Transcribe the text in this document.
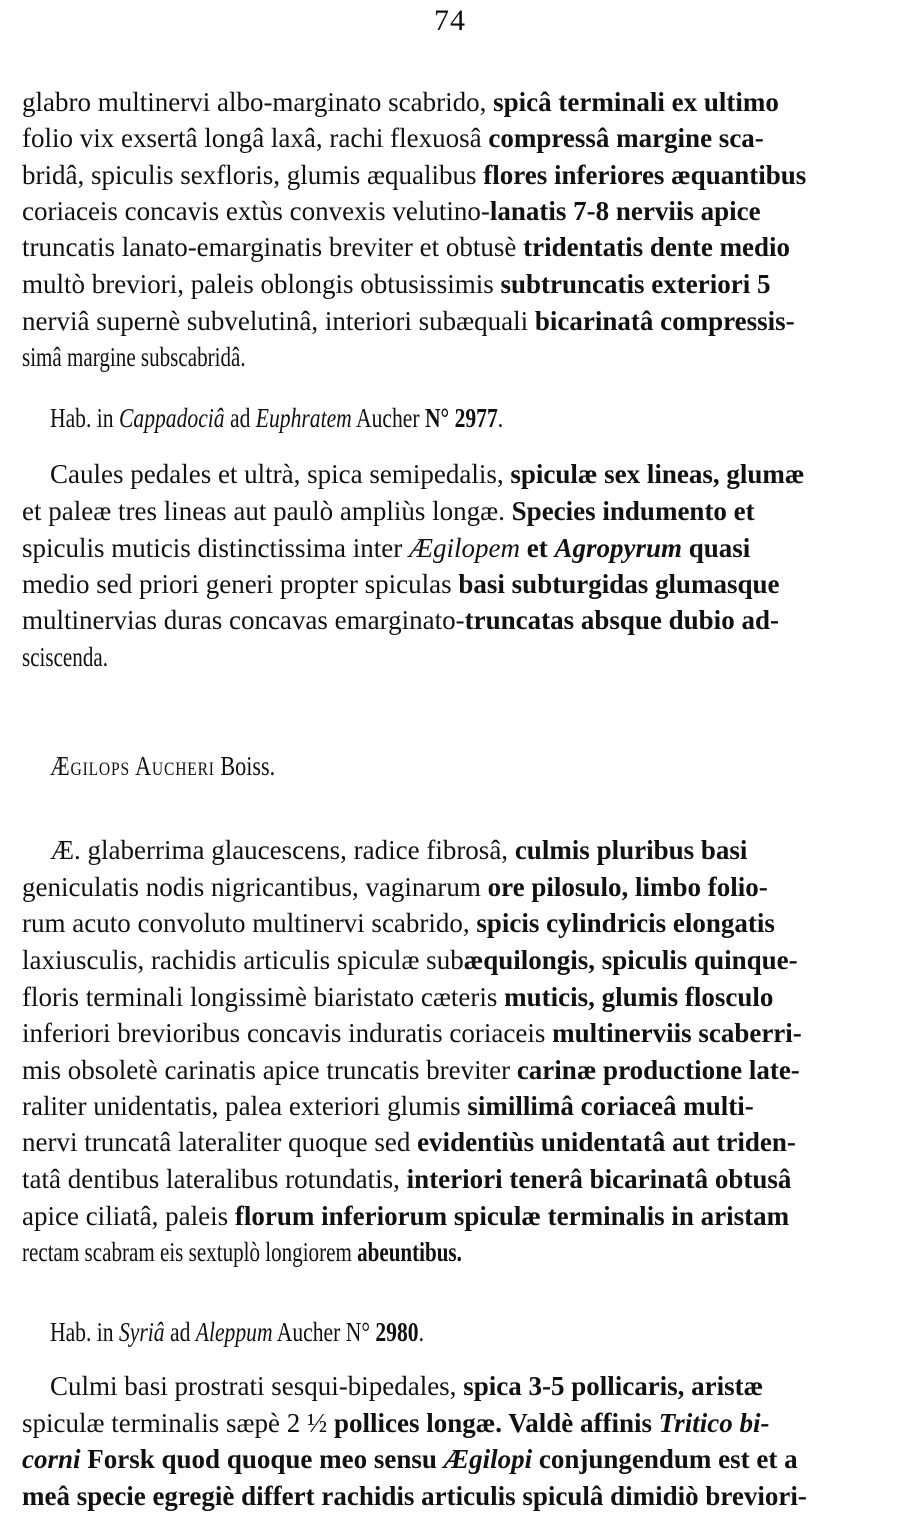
74
glabro multinervi albo-marginato scabrido, spicâ terminali ex ultimo
folio vix exsertâ longâ laxâ, rachi flexuosâ compressâ margine sca-
bridâ, spiculis sexfloris, glumis æqualibus flores inferiores æquantibus
coriaceis concavis extùs convexis velutino-lanatis 7-8 nerviis apice
truncatis lanato-emarginatis breviter et obtusè tridentatis dente medio
multò breviori, paleis oblongis obtusissimis subtruncatis exteriori 5
nerviâ supernè subvelutinâ, interiori subæquali bicarinatâ compressis-
simâ margine subscabridâ.
Hab. in Cappadociâ ad Euphratem Aucher N° 2977.
Caules pedales et ultrà, spica semipedalis, spiculæ sex lineas, glumæ
et paleæ tres lineas aut paulò ampliùs longæ. Species indumento et
spiculis muticis distinctissima inter Ægilopem et Agropyrum quasi
medio sed priori generi propter spiculas basi subturgidas glumasque
multinervias duras concavas emarginato-truncatas absque dubio ad-
sciscenda.
Ægilops Aucheri Boiss.
Æ. glaberrima glaucescens, radice fibrosâ, culmis pluribus basi
geniculatis nodis nigricantibus, vaginarum ore pilosulo, limbo folio-
rum acuto convoluto multinervi scabrido, spicis cylindricis elongatis
laxiusculis, rachidis articulis spiculæ subæquilongis, spiculis quinque-
floris terminali longissimè biaristato cæteris muticis, glumis flosculo
inferiori brevioribus concavis induratis coriaceis multinerviis scaberri-
mis obsoletè carinatis apice truncatis breviter carinæ productione late-
raliter unidentatis, palea exteriori glumis simillimâ coriaceâ multi-
nervi truncatâ lateraliter quoque sed evidentiùs unidentatâ aut triden-
tatâ dentibus lateralibus rotundatis, interiori tenerâ bicarinatâ obtusâ
apice ciliatâ, paleis florum inferiorum spiculæ terminalis in aristam
rectam scabram eis sextuplò longiorem abeuntibus.
Hab. in Syriâ ad Aleppum Aucher N° 2980.
Culmi basi prostrati sesqui-bipedales, spica 3-5 pollicaris, aristæ
spiculæ terminalis sæpè 2 ½ pollices longæ. Valdè affinis Tritico bi-
corni Forsk quod quoque meo sensu Ægilopi conjungendum est et a
meâ specie egregiè differt rachidis articulis spiculâ dimidiò breviori-
